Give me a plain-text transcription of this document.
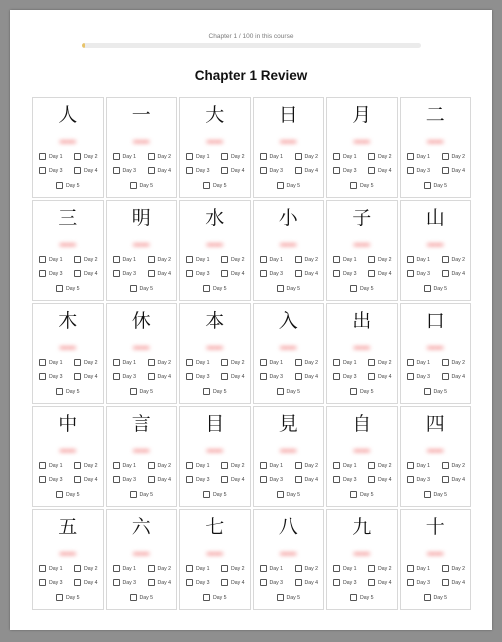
Chapter 1 / 100 in this course
Chapter 1 Review
人
▬▬
Day 1	Day 2
Day 3	Day 4
Day 5
一
▬▬
Day 1	Day 2
Day 3	Day 4
Day 5
大
▬▬
Day 1	Day 2
Day 3	Day 4
Day 5
日
▬▬
Day 1	Day 2
Day 3	Day 4
Day 5
月
▬▬
Day 1	Day 2
Day 3	Day 4
Day 5
二
▬▬
Day 1	Day 2
Day 3	Day 4
Day 5
三
▬▬
Day 1	Day 2
Day 3	Day 4
Day 5
明
▬▬
Day 1	Day 2
Day 3	Day 4
Day 5
水
▬▬
Day 1	Day 2
Day 3	Day 4
Day 5
小
▬▬
Day 1	Day 2
Day 3	Day 4
Day 5
子
▬▬
Day 1	Day 2
Day 3	Day 4
Day 5
山
▬▬
Day 1	Day 2
Day 3	Day 4
Day 5
木
▬▬
Day 1	Day 2
Day 3	Day 4
Day 5
休
▬▬
Day 1	Day 2
Day 3	Day 4
Day 5
本
▬▬
Day 1	Day 2
Day 3	Day 4
Day 5
入
▬▬
Day 1	Day 2
Day 3	Day 4
Day 5
出
▬▬
Day 1	Day 2
Day 3	Day 4
Day 5
口
▬▬
Day 1	Day 2
Day 3	Day 4
Day 5
中
▬▬
Day 1	Day 2
Day 3	Day 4
Day 5
言
▬▬
Day 1	Day 2
Day 3	Day 4
Day 5
目
▬▬
Day 1	Day 2
Day 3	Day 4
Day 5
見
▬▬
Day 1	Day 2
Day 3	Day 4
Day 5
自
▬▬
Day 1	Day 2
Day 3	Day 4
Day 5
四
▬▬
Day 1	Day 2
Day 3	Day 4
Day 5
五
▬▬
Day 1	Day 2
Day 3	Day 4
Day 5
六
▬▬
Day 1	Day 2
Day 3	Day 4
Day 5
七
▬▬
Day 1	Day 2
Day 3	Day 4
Day 5
八
▬▬
Day 1	Day 2
Day 3	Day 4
Day 5
九
▬▬
Day 1	Day 2
Day 3	Day 4
Day 5
十
▬▬
Day 1	Day 2
Day 3	Day 4
Day 5
